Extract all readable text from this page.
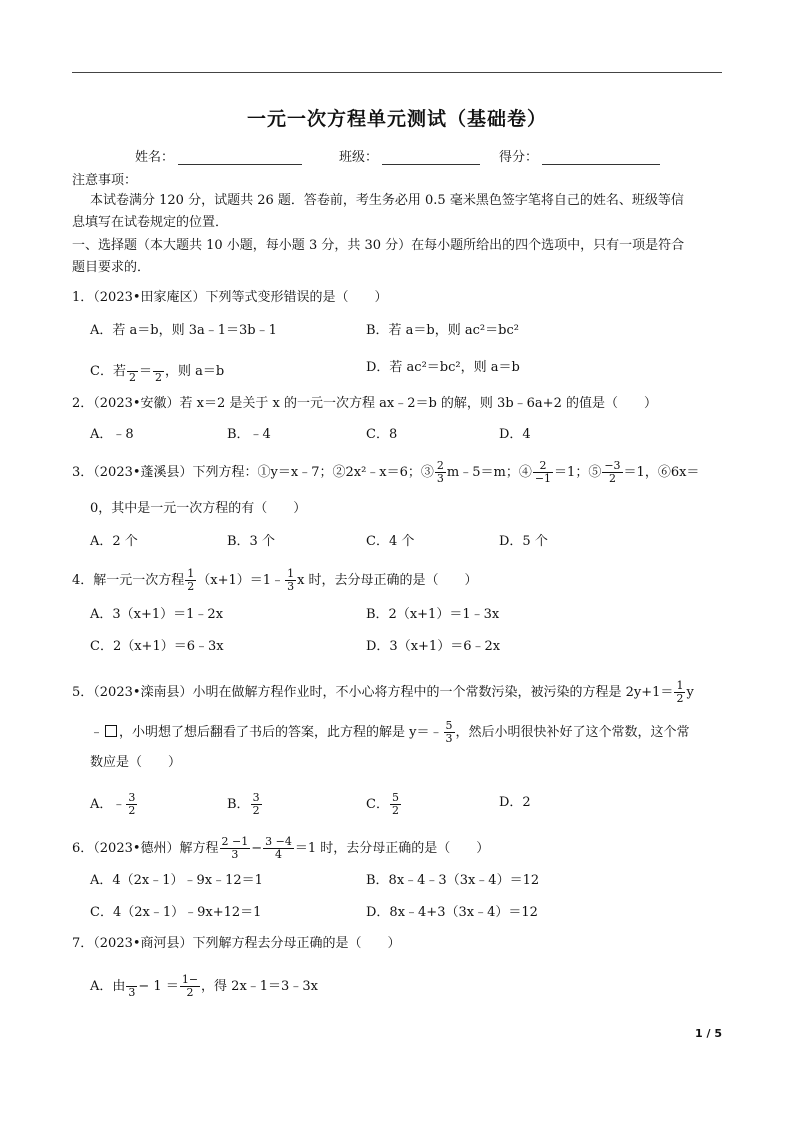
一元一次方程单元测试（基础卷）
姓名：	班级：	得分：
注意事项：
本试卷满分 120 分，试题共 26 题．答卷前，考生务必用 0.5 毫米黑色签字笔将自己的姓名、班级等信
息填写在试卷规定的位置．
一、选择题（本大题共 10 小题，每小题 3 分，共 30 分）在每小题所给出的四个选项中，只有一项是符合
题目要求的．
1．（2023•田家庵区）下列等式变形错误的是（　　）
A．若 a＝b，则 3a﹣1＝3b﹣1	B．若 a＝b，则 ac²＝bc²
C．若
2 ＝
2 ，则 a＝b	D．若 ac²＝bc²，则 a＝b
2．（2023•安徽）若 x＝2 是关于 x 的一元一次方程 ax﹣2＝b 的解，则 3b﹣6a+2 的值是（　　）
A．﹣8	B．﹣4	C．8	D．4
3．（2023•蓬溪县）下列方程：①y＝x﹣7；②2x²﹣x＝6；③ $\frac{2}{3}$ m﹣5＝m；④ $\frac{2}{-1} =1$；⑤ $\frac{-3}{2} =1$，⑥6x＝
0，其中是一元一次方程的有（　　）
A．2 个	B．3 个	C．4 个	D．5 个
4．解一元一次方程 $\frac{1}{2}$ （x+1）＝1﹣ $\frac{1}{3}$ x 时，去分母正确的是（　　）
A．3（x+1）＝1﹣2x	B．2（x+1）＝1﹣3x
C．2（x+1）＝6﹣3x	D．3（x+1）＝6﹣2x
5．（2023•滦南县）小明在做解方程作业时，不小心将方程中的一个常数污染，被污染的方程是 $2y+1= \frac{1}{2}$ y
﹣ ，小明想了想后翻看了书后的答案，此方程的解是 y＝﹣ $\frac{5}{3}$ ，然后小明很快补好了这个常数，这个常
数应是（　　）
A．﹣ $\frac{3}{2}$	B． $\frac{3}{2}$	C． $\frac{5}{2}$	D．2
6．（2023•德州）解方程 $\frac{2 -1}{3} - \frac{3 -4}{4} =1$ 时，去分母正确的是（　　）
A．4（2x﹣1）﹣9x﹣12＝1	B．8x﹣4﹣3（3x﹣4）＝12
C．4（2x﹣1）﹣9x+12＝1	D．8x﹣4+3（3x﹣4）＝12
7．（2023•商河县）下列解方程去分母正确的是（　　）
A．由
$3 - 1 = \frac{1-}{2}$ ，得 2x﹣1＝3﹣3x
1 / 5
